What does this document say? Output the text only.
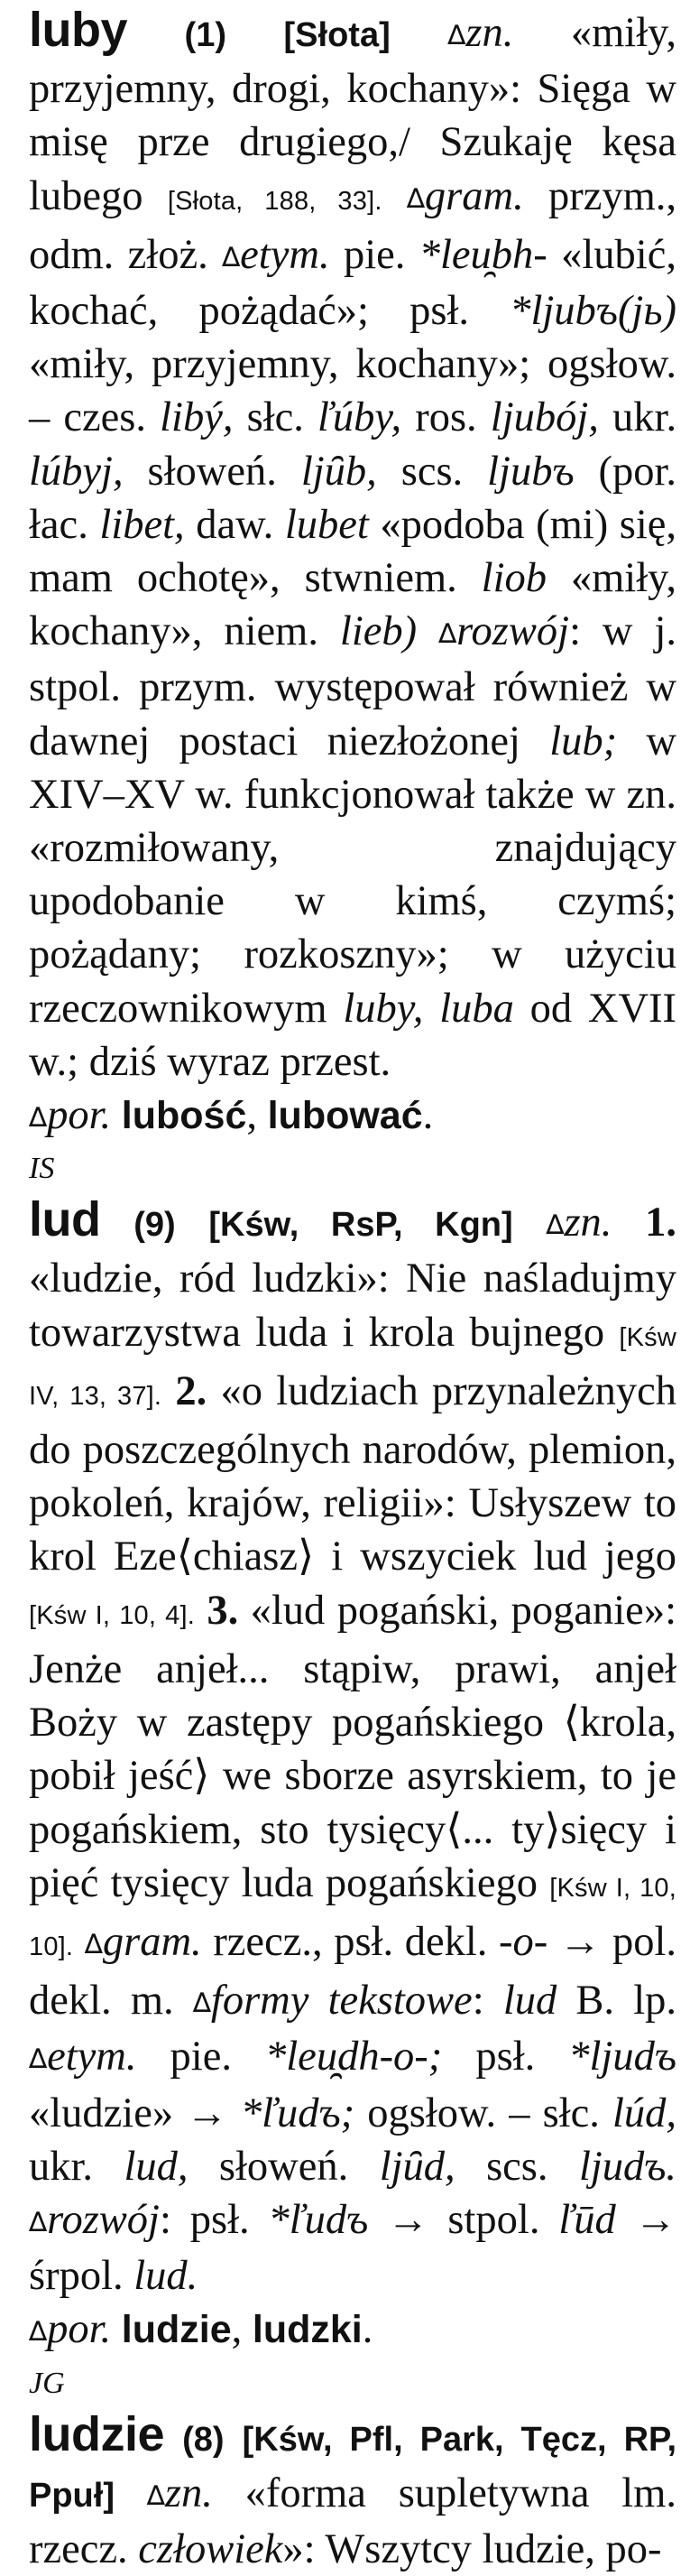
luby (1) [Słota] ∆zn. «miły, przyjemny, drogi, kochany»: Sięga w misę prze drugiego,/ Szukaję kęsa lubego [Słota, 188, 33]. ∆gram. przym., odm. złoż. ∆etym. pie. *leu̯bh- «lubić, kochać, pożądać»; psł. *ljubъ(jь) «miły, przyjemny, kochany»; ogsłow. – czes. libý, słc. ľúby, ros. ljubój, ukr. lúbyj, słoweń. ljȗb, scs. ljubъ (por. łac. libet, daw. lubet «podoba (mi) się, mam ochotę», stwniem. liob «miły, kochany», niem. lieb) ∆rozwój: w j. stpol. przym. występował również w dawnej postaci niezłożonej lub; w XIV–XV w. funkcjonował także w zn. «rozmiłowany, znajdujący upodobanie w kimś, czymś; pożądany; rozkoszny»; w użyciu rzeczownikowym luby, luba od XVII w.; dziś wyraz przest.

∆por. lubość, lubować.

IS

lud (9) [Kśw, RsP, Kgn] ∆zn. 1. «ludzie, ród ludzki»: Nie naśladujmy towarzystwa luda i krola bujnego [Kśw IV, 13, 37]. 2. «o ludziach przynależnych do poszczególnych narodów, plemion, pokoleń, krajów, religii»: Usłyszew to krol Eze⟨chiasz⟩ i wszyciek lud jego [Kśw I, 10, 4]. 3. «lud pogański, poganie»: Jenże anjeł... stąpiw, prawi, anjeł Boży w zastępy pogańskiego ⟨krola, pobił jeść⟩ we sborze asyrskiem, to je pogańskiem, sto tysięcy⟨... ty⟩sięcy i pięć tysięcy luda pogańskiego [Kśw I, 10, 10]. ∆gram. rzecz., psł. dekl. -o- → pol. dekl. m. ∆formy tekstowe: lud B. lp. ∆etym. pie. *leu̯dh-o-; psł. *ljudъ «ludzie» → *ľudъ; ogsłow. – słc. lúd, ukr. lud, słoweń. ljȗd, scs. ljudъ. ∆rozwój: psł. *ľudъ → stpol. ľūd → śrpol. lud.

∆por. ludzie, ludzki.

JG

ludzie (8) [Kśw, Pfl, Park, Tęcz, RP, Ppuł] ∆zn. «forma supletywna lm. rzecz. człowiek»: Wszytcy ludzie, po-
